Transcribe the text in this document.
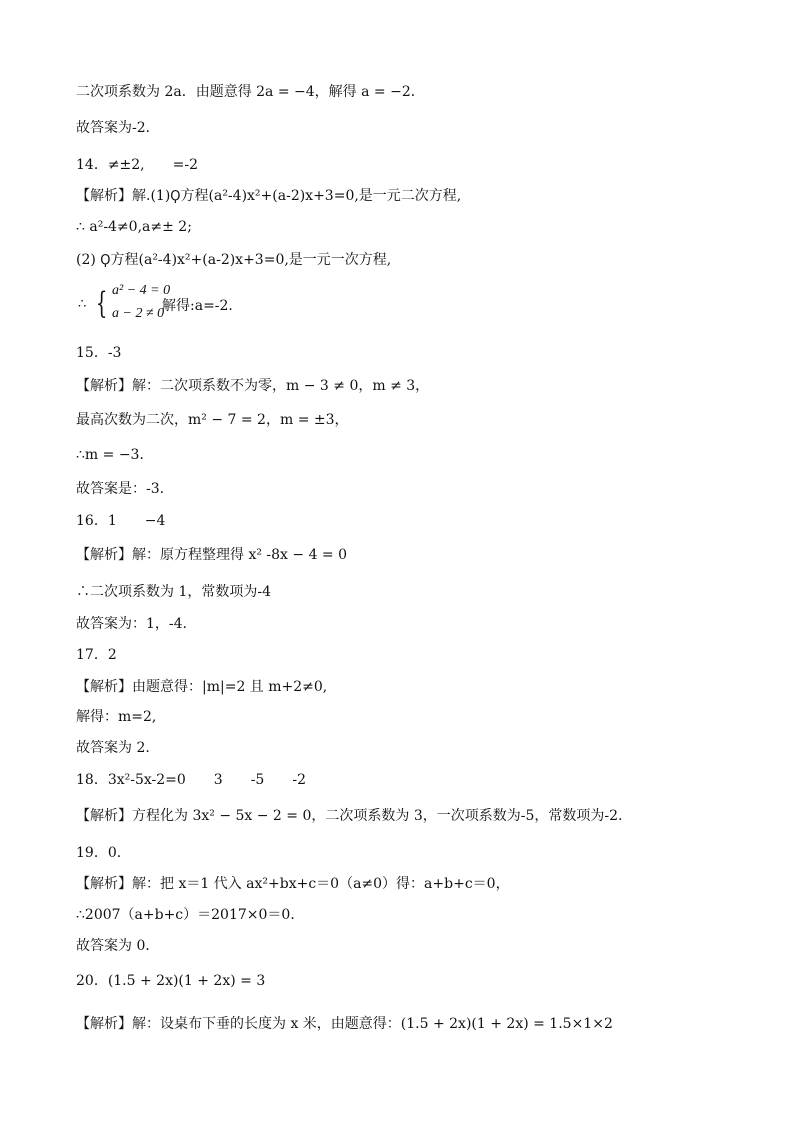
二次项系数为 2a．由题意得 2a = −4，解得 a = −2．
故答案为-2．
14．≠±2,　　=-2
【解析】解.(1)Ϙ方程(a²-4)x²+(a-2)x+3=0,是一元二次方程,
∴ a²-4≠0,a≠± 2;
(2) Ϙ方程(a²-4)x²+(a-2)x+3=0,是一元一次方程,
∴ { a² − 4 = 0
a − 2 ≠ 0
解得:a=-2.
15．-3
【解析】解：二次项系数不为零，m − 3 ≠ 0，m ≠ 3，
最高次数为二次，m² − 7 = 2，m = ±3，
∴m = −3．
故答案是：-3.
16．1　　−4
【解析】解：原方程整理得 x² -8x − 4 = 0
∴二次项系数为 1，常数项为-4
故答案为：1，-4.
17．2
【解析】由题意得：|m|=2 且 m+2≠0,
解得：m=2,
故答案为 2.
18．3x²-5x-2=0　　3　　-5　　-2
【解析】方程化为 3x² − 5x − 2 = 0，二次项系数为 3，一次项系数为-5，常数项为-2.
19．0．
【解析】解：把 x＝1 代入 ax²+bx+c＝0（a≠0）得：a+b+c＝0，
∴2007（a+b+c）＝2017×0＝0．
故答案为 0．
20．(1.5 + 2x)(1 + 2x) = 3
【解析】解：设桌布下垂的长度为 x 米，由题意得：(1.5 + 2x)(1 + 2x) = 1.5×1×2
